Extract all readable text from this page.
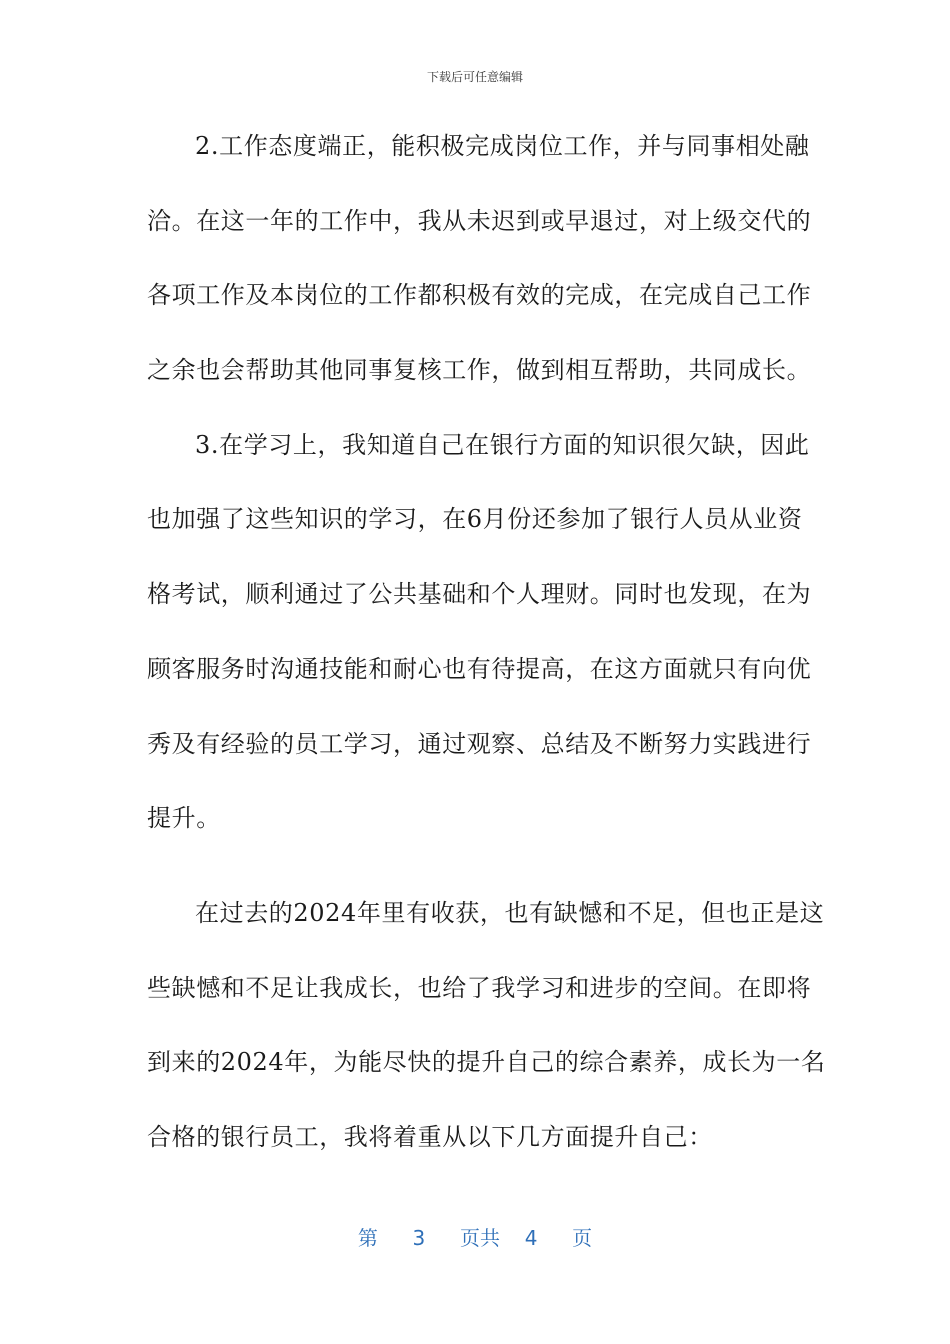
下载后可任意编辑
2.工作态度端正，能积极完成岗位工作，并与同事相处融
洽。在这一年的工作中，我从未迟到或早退过，对上级交代的
各项工作及本岗位的工作都积极有效的完成，在完成自己工作
之余也会帮助其他同事复核工作，做到相互帮助，共同成长。
3.在学习上，我知道自己在银行方面的知识很欠缺，因此
也加强了这些知识的学习，在6月份还参加了银行人员从业资
格考试，顺利通过了公共基础和个人理财。同时也发现，在为
顾客服务时沟通技能和耐心也有待提高，在这方面就只有向优
秀及有经验的员工学习，通过观察、总结及不断努力实践进行
提升。
在过去的2024年里有收获，也有缺憾和不足，但也正是这
些缺憾和不足让我成长，也给了我学习和进步的空间。在即将
到来的2024年，为能尽快的提升自己的综合素养，成长为一名
合格的银行员工，我将着重从以下几方面提升自己：
第 3 页共 4 页
